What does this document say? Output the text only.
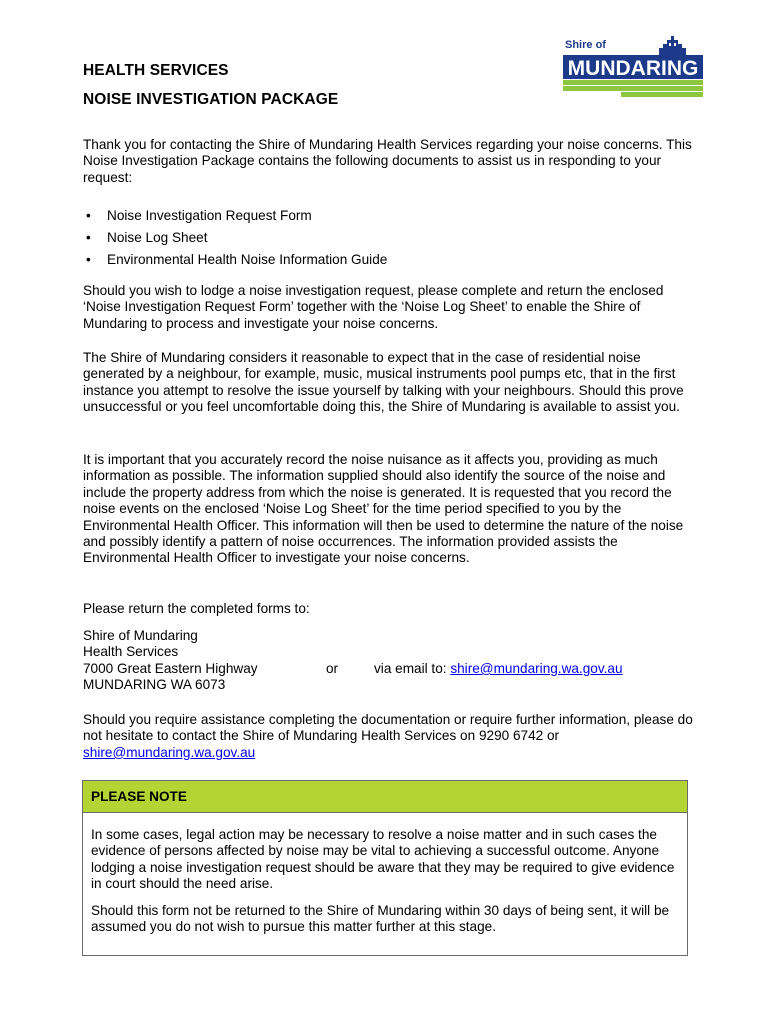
Shire of
MUNDARING
HEALTH SERVICES
NOISE INVESTIGATION PACKAGE

Thank you for contacting the Shire of Mundaring Health Services regarding your noise concerns. This Noise Investigation Package contains the following documents to assist us in responding to your request:

• Noise Investigation Request Form
• Noise Log Sheet
• Environmental Health Noise Information Guide

Should you wish to lodge a noise investigation request, please complete and return the enclosed ‘Noise Investigation Request Form’ together with the ‘Noise Log Sheet’ to enable the Shire of Mundaring to process and investigate your noise concerns.

The Shire of Mundaring considers it reasonable to expect that in the case of residential noise generated by a neighbour, for example, music, musical instruments pool pumps etc, that in the first instance you attempt to resolve the issue yourself by talking with your neighbours. Should this prove unsuccessful or you feel uncomfortable doing this, the Shire of Mundaring is available to assist you.

It is important that you accurately record the noise nuisance as it affects you, providing as much information as possible. The information supplied should also identify the source of the noise and include the property address from which the noise is generated. It is requested that you record the noise events on the enclosed ‘Noise Log Sheet’ for the time period specified to you by the Environmental Health Officer. This information will then be used to determine the nature of the noise and possibly identify a pattern of noise occurrences. The information provided assists the Environmental Health Officer to investigate your noise concerns.

Please return the completed forms to:

Shire of Mundaring
Health Services
7000 Great Eastern Highway
MUNDARING WA 6073
or	via email to: shire@mundaring.wa.gov.au

Should you require assistance completing the documentation or require further information, please do not hesitate to contact the Shire of Mundaring Health Services on 9290 6742 or shire@mundaring.wa.gov.au

PLEASE NOTE

In some cases, legal action may be necessary to resolve a noise matter and in such cases the evidence of persons affected by noise may be vital to achieving a successful outcome. Anyone lodging a noise investigation request should be aware that they may be required to give evidence in court should the need arise.

Should this form not be returned to the Shire of Mundaring within 30 days of being sent, it will be assumed you do not wish to pursue this matter further at this stage.
